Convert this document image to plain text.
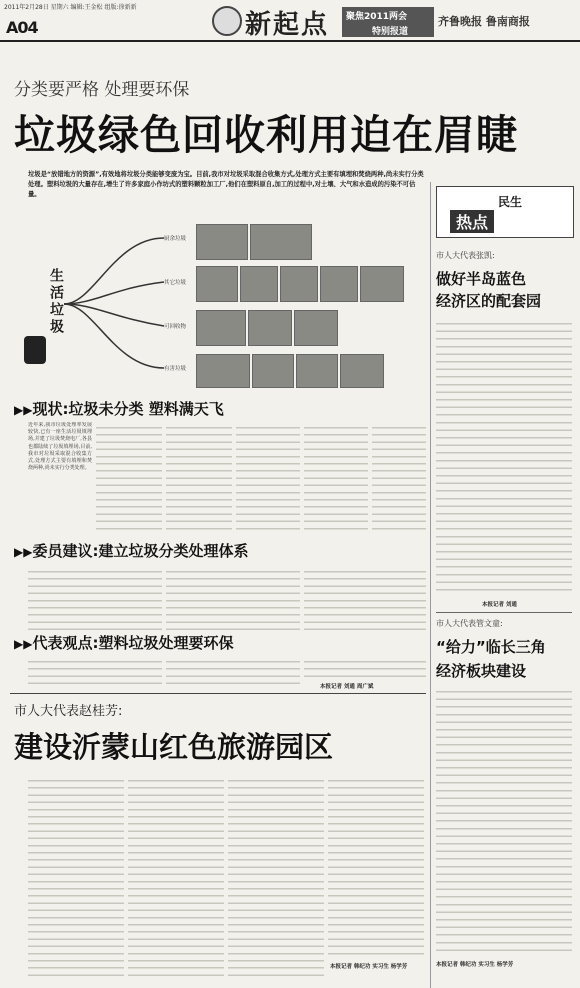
2011年2月28日 星期六 编辑:王金松 组版:徐新新
A04	新起点 聚焦2011两会
特别报道
齐鲁晚报 鲁南商报
分类要严格 处理要环保
垃圾绿色回收利用迫在眉睫
垃圾是“放错地方的资源”,有效地将垃圾分类能够变废为宝。目前,我市对垃圾采取混合收集方式,处理方式主要有填埋和焚烧两种,尚未实行分类处理。塑料垃圾的大量存在,增生了许多家庭小作坊式的塑料颗粒加工厂,他们在塑料原自,加工的过程中,对土壤、大气和水造成的污染不可估量。
生活垃圾
厨余垃圾
其它垃圾
可回收物
有害垃圾
▶▶现状:垃圾未分类 塑料满天飞
近年来,我市垃圾处理率发展较快,已有一座生活垃圾填埋场,并建了垃圾焚烧电厂,各县也都陆续了垃圾填埋场,目前,我市对垃圾采取混合收集方式,处理方式主要有填埋和焚烧两种,尚未实行分类处理。
▶▶委员建议:建立垃圾分类处理体系
▶▶代表观点:塑料垃圾处理要环保
本报记者 刘通 周广斌
市人大代表赵桂芳:
建设沂蒙山红色旅游园区
本报记者 韩纪功 实习生 杨学芳
民生
热点
市人大代表张凯:
做好半岛蓝色
经济区的配套园
本报记者 刘通
市人大代表管文童:
“给力”临长三角
经济板块建设
本报记者 韩纪功 实习生 杨学芳
